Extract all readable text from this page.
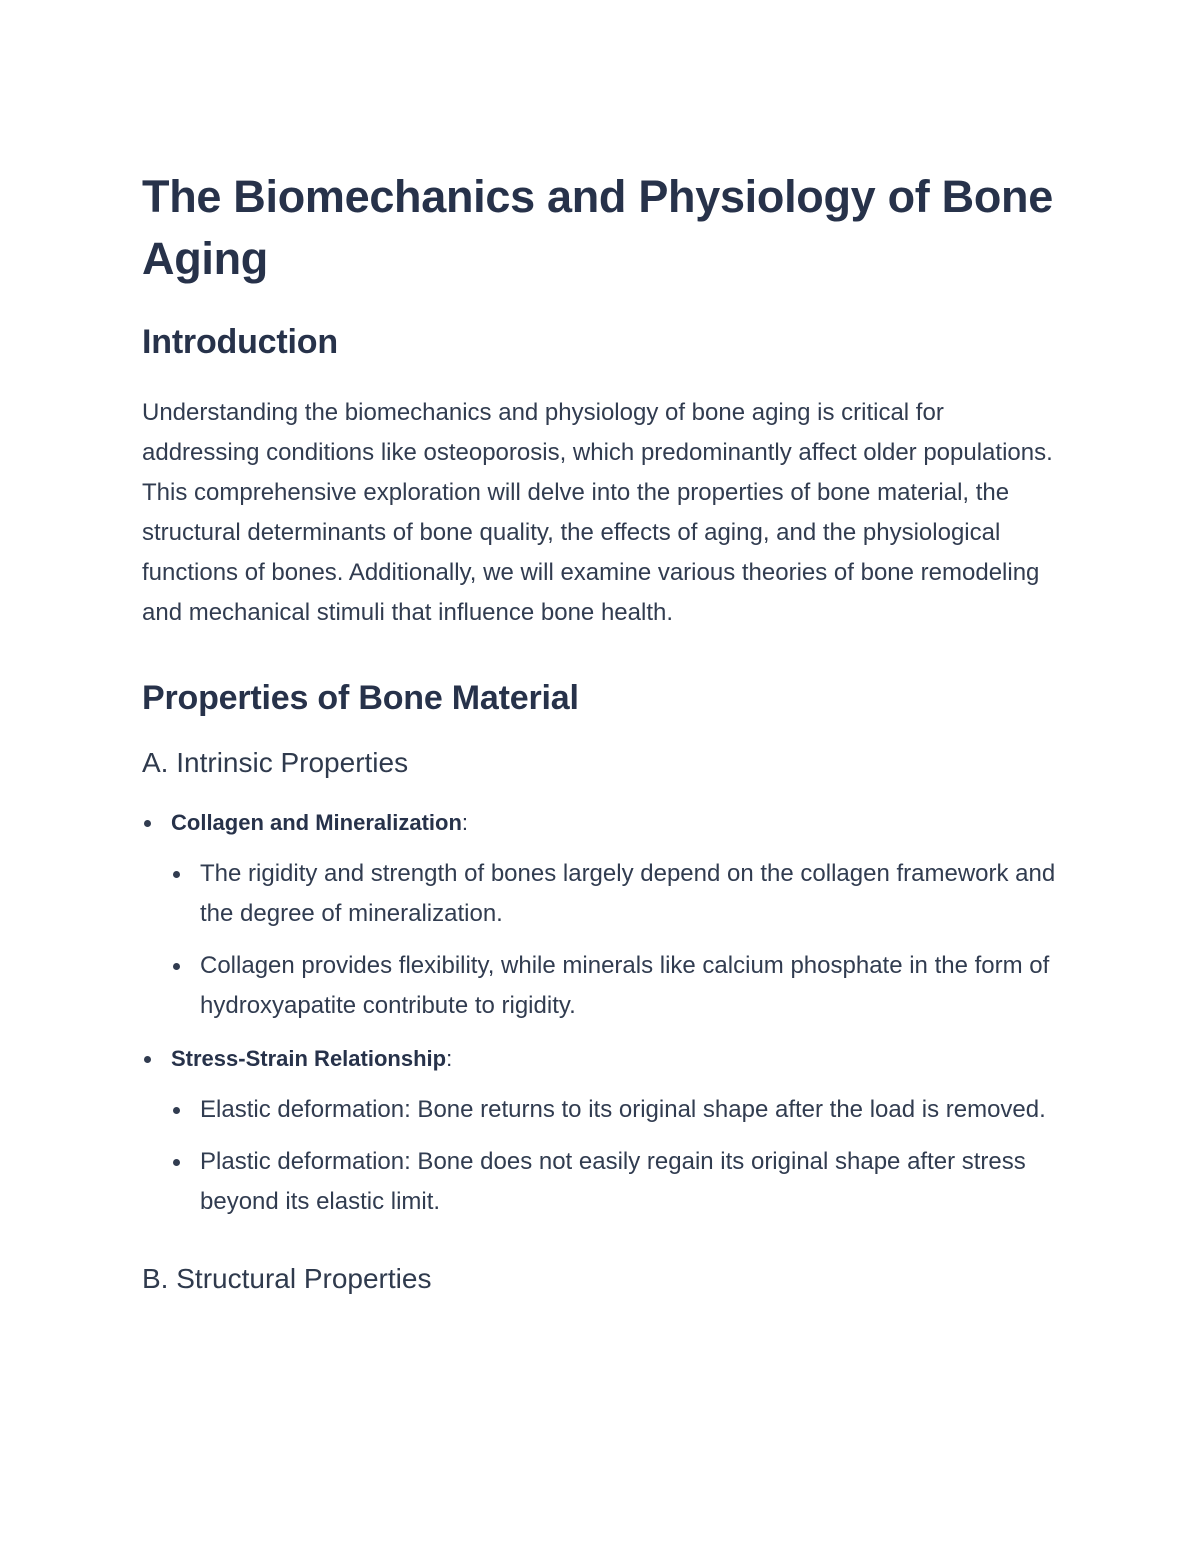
The Biomechanics and Physiology of Bone Aging
Introduction

Understanding the biomechanics and physiology of bone aging is critical for addressing conditions like osteoporosis, which predominantly affect older populations. This comprehensive exploration will delve into the properties of bone material, the structural determinants of bone quality, the effects of aging, and the physiological functions of bones. Additionally, we will examine various theories of bone remodeling and mechanical stimuli that influence bone health.

Properties of Bone Material
A. Intrinsic Properties
Collagen and Mineralization:
The rigidity and strength of bones largely depend on the collagen framework and the degree of mineralization.
Collagen provides flexibility, while minerals like calcium phosphate in the form of hydroxyapatite contribute to rigidity.
Stress-Strain Relationship:
Elastic deformation: Bone returns to its original shape after the load is removed.
Plastic deformation: Bone does not easily regain its original shape after stress beyond its elastic limit.
B. Structural Properties
